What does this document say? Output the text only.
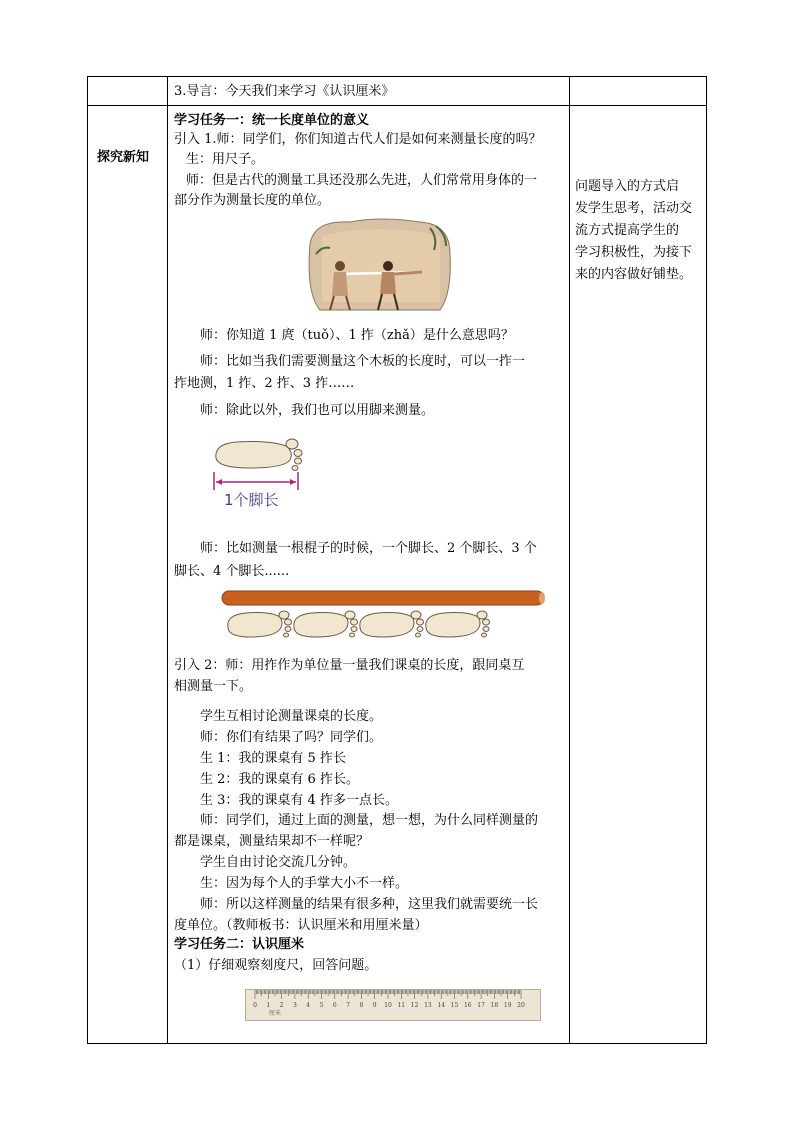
探究新知
3.导言：今天我们来学习《认识厘米》
学习任务一：统一长度单位的意义
引入 1.师：同学们，你们知道古代人们是如何来测量长度的吗？
生：用尺子。
师：但是古代的测量工具还没那么先进，人们常常用身体的一
部分作为测量长度的单位。
师：你知道 1 庹（tuǒ）、1 拃（zhǎ）是什么意思吗？
师：比如当我们需要测量这个木板的长度时，可以一拃一
拃地测，1 拃、2 拃、3 拃……
师：除此以外，我们也可以用脚来测量。
1个脚长
师：比如测量一根棍子的时候，一个脚长、2 个脚长、3 个
脚长、4 个脚长......
引入 2：师：用拃作为单位量一量我们课桌的长度，跟同桌互
相测量一下。
学生互相讨论测量课桌的长度。
师：你们有结果了吗？同学们。
生 1：我的课桌有 5 拃长
生 2：我的课桌有 6 拃长。
生 3：我的课桌有 4 拃多一点长。
师：同学们，通过上面的测量，想一想，为什么同样测量的
都是课桌，测量结果却不一样呢？
学生自由讨论交流几分钟。
生：因为每个人的手掌大小不一样。
师：所以这样测量的结果有很多种，这里我们就需要统一长
度单位。（教师板书：认识厘米和用厘米量）
学习任务二：认识厘米
（1）仔细观察刻度尺，回答问题。
0 1 2 3 4 5 6 7 8 9 10 11 12 13 14 15 16 17 18 19 20
厘米
问题导入的方式启
发学生思考，活动交
流方式提高学生的
学习积极性，为接下
来的内容做好铺垫。
